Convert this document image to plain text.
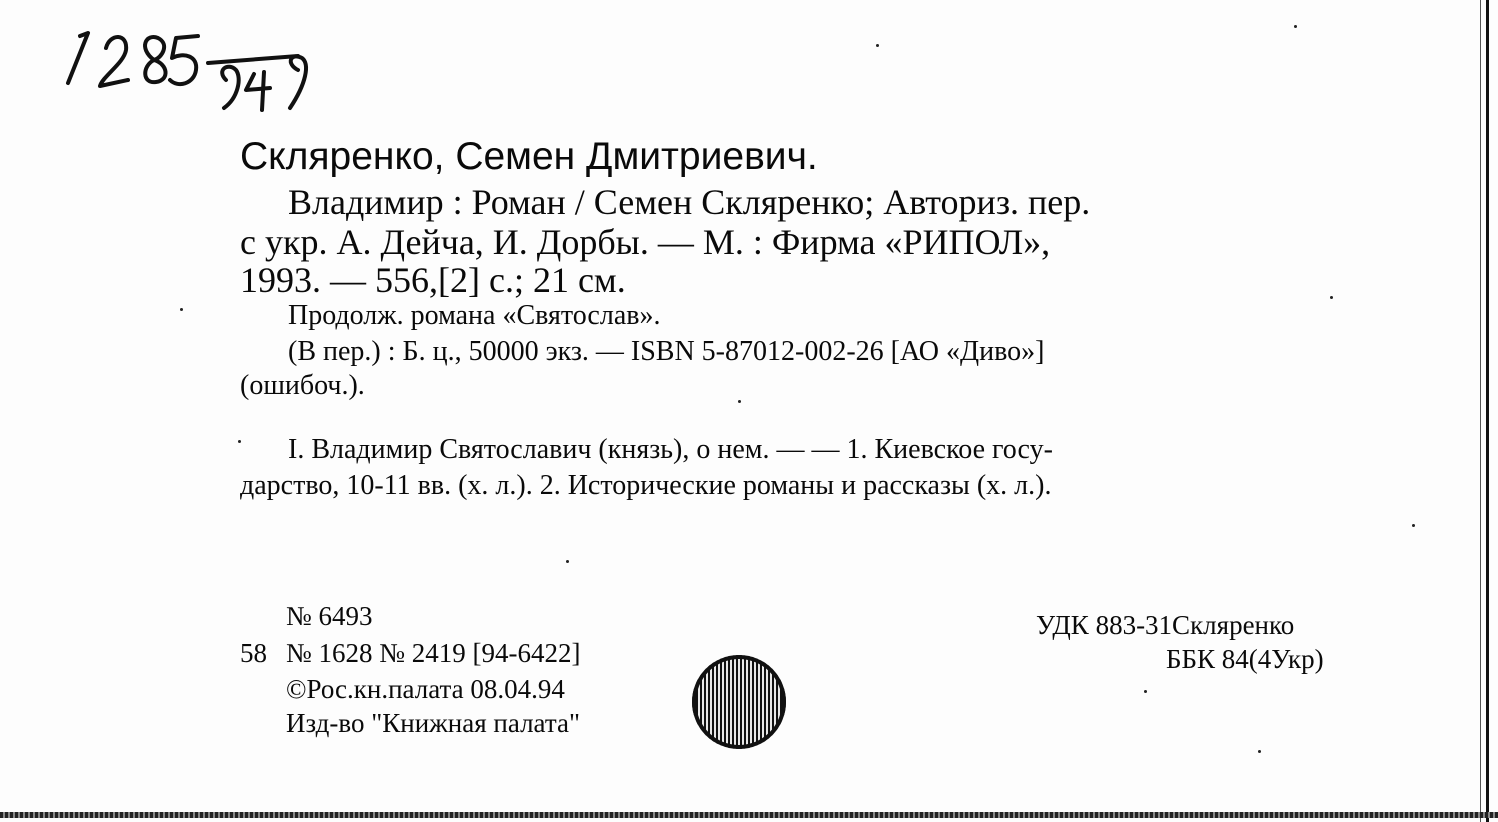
Скляренко, Семен Дмитриевич.
Владимир : Роман / Семен Скляренко; Авториз. пер.
с укр. А. Дейча, И. Дорбы. — М. : Фирма «РИПОЛ»,
1993. — 556,[2] с.; 21 см.
Продолж. романа «Святослав».
(В пер.) : Б. ц., 50000 экз. — ISBN 5-87012-002-26 [АО «Диво»]
(ошибоч.).
I. Владимир Святославич (князь), о нем. — — 1. Киевское госу-
дарство, 10-11 вв. (х. л.). 2. Исторические романы и рассказы (х. л.).
№ 6493
58 № 1628 № 2419 [94-6422]
©Рос.кн.палата 08.04.94
Изд-во "Книжная палата"
УДК 883-31Скляренко
ББК 84(4Укр)
